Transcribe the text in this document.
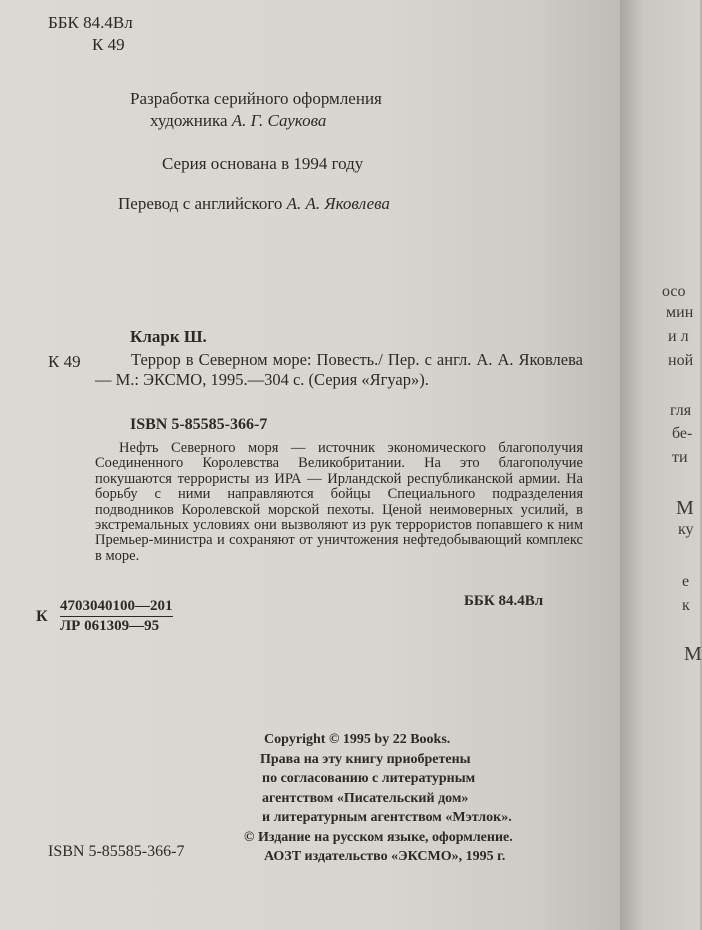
ББК 84.4Вл
К 49
Разработка серийного оформления
художника А. Г. Саукова
Серия основана в 1994 году
Перевод с английского А. А. Яковлева
Кларк Ш.
К 49	Террор в Северном море: Повесть./ Пер. с англ. А. А. Яковлева — М.: ЭКСМО, 1995.—304 с. (Серия «Ягуар»).
ISBN 5-85585-366-7
Нефть Северного моря — источник экономического благополучия Соединенного Королевства Великобритании. На это благополучие покушаются террористы из ИРА — Ирландской республиканской армии. На борьбу с ними направляются бойцы Специального подразделения подводников Королевской морской пехоты. Ценой неимоверных усилий, в экстремальных условиях они вызволяют из рук террористов попавшего к ним Премьер-министра и сохраняют от уничтожения нефтедобывающий комплекс в море.
К
4703040100—201
ЛР 061309—95
ББК 84.4Вл
Copyright © 1995 by 22 Books.
Права на эту книгу приобретены
по согласованию с литературным
агентством «Писательский дом»
и литературным агентством «Мэтлок».
© Издание на русском языке, оформление.
АОЗТ издательство «ЭКСМО», 1995 г.
ISBN 5-85585-366-7
осо
мин
и л
ной
гля
бе-
ти
М
ку
е
к
М
